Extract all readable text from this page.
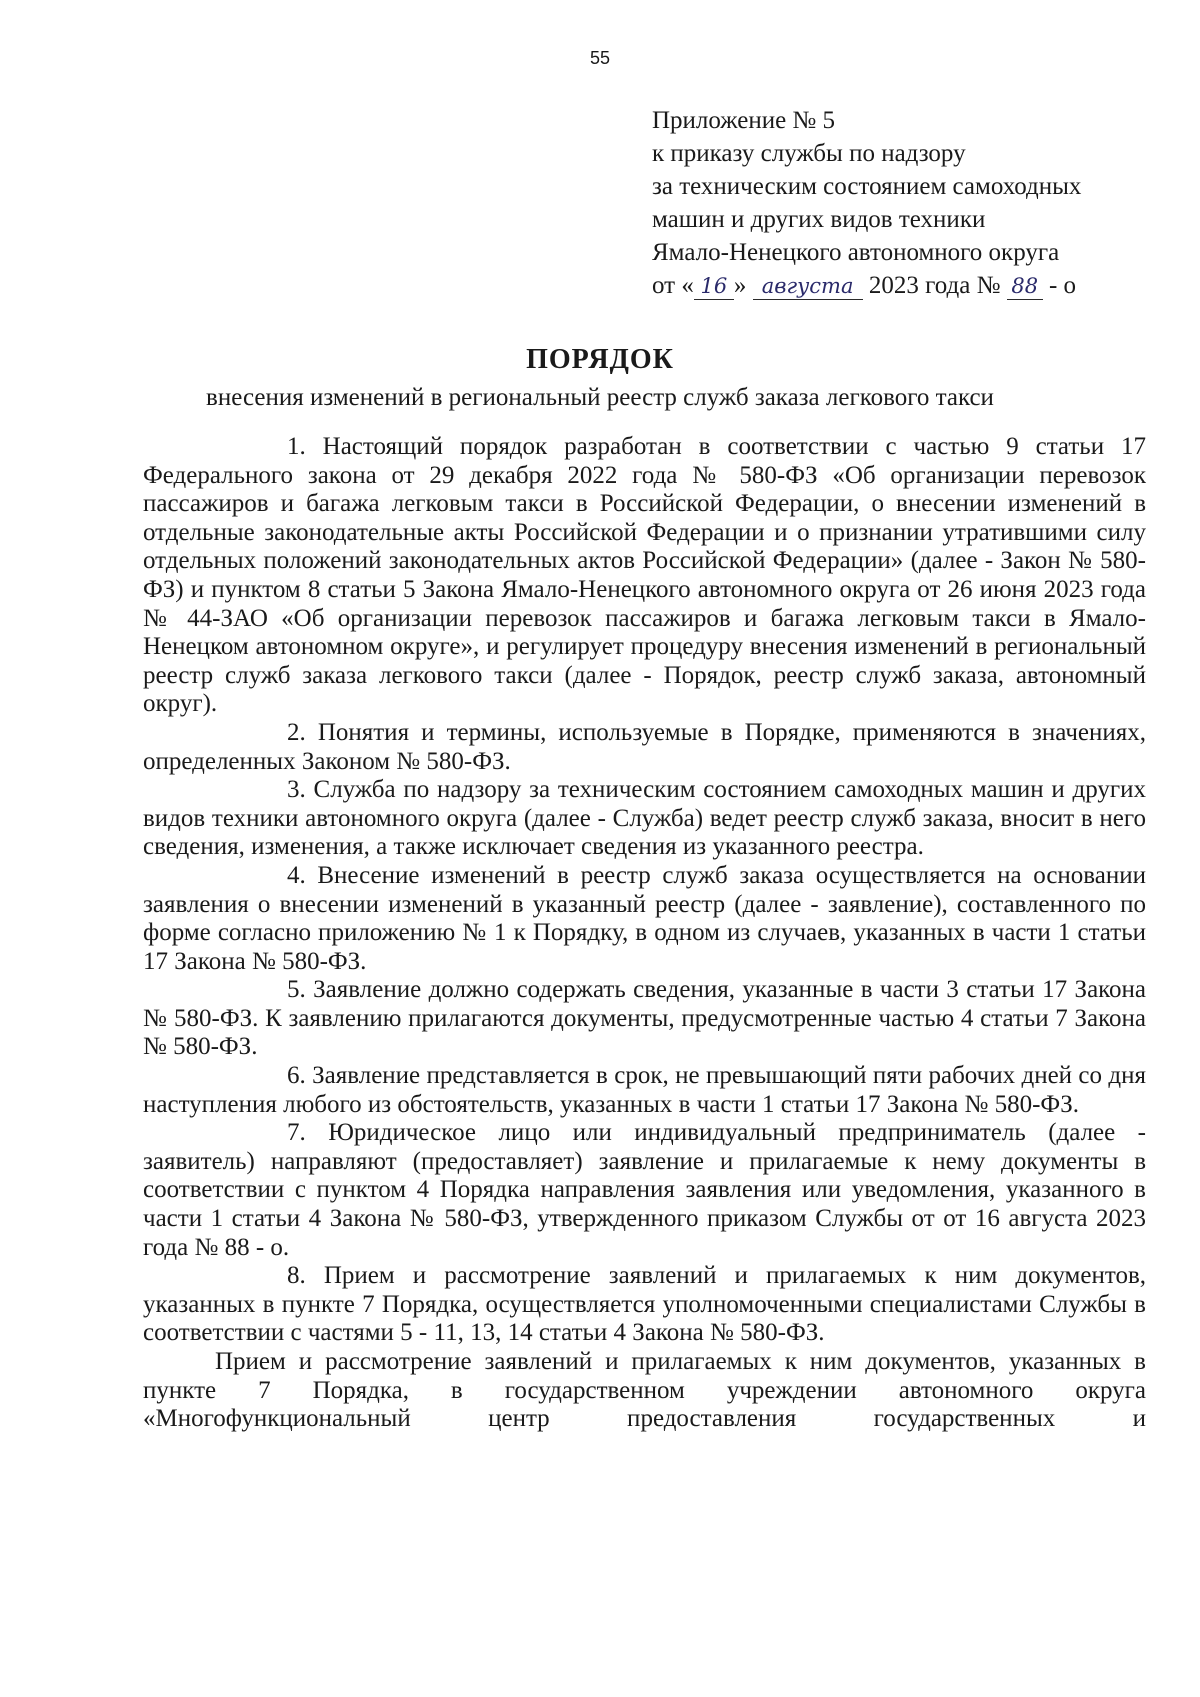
55
Приложение № 5
к приказу службы по надзору
за техническим состоянием самоходных
машин и других видов техники
Ямало-Ненецкого автономного округа
от « 16 » августа 2023 года № 88 - о
ПОРЯДОК
внесения изменений в региональный реестр служб заказа легкового такси

1. Настоящий порядок разработан в соответствии с частью 9 статьи 17 Федерального закона от 29 декабря 2022 года № 580-ФЗ «Об организации перевозок пассажиров и багажа легковым такси в Российской Федерации, о внесении изменений в отдельные законодательные акты Российской Федерации и о признании утратившими силу отдельных положений законодательных актов Российской Федерации» (далее - Закон № 580-ФЗ) и пунктом 8 статьи 5 Закона Ямало-Ненецкого автономного округа от 26 июня 2023 года № 44-ЗАО «Об организации перевозок пассажиров и багажа легковым такси в Ямало-Ненецком автономном округе», и регулирует процедуру внесения изменений в региональный реестр служб заказа легкового такси (далее - Порядок, реестр служб заказа, автономный округ).

2. Понятия и термины, используемые в Порядке, применяются в значениях, определенных Законом № 580-ФЗ.

3. Служба по надзору за техническим состоянием самоходных машин и других видов техники автономного округа (далее - Служба) ведет реестр служб заказа, вносит в него сведения, изменения, а также исключает сведения из указанного реестра.

4. Внесение изменений в реестр служб заказа осуществляется на основании заявления о внесении изменений в указанный реестр (далее - заявление), составленного по форме согласно приложению № 1 к Порядку, в одном из случаев, указанных в части 1 статьи 17 Закона № 580-ФЗ.

5. Заявление должно содержать сведения, указанные в части 3 статьи 17 Закона № 580-ФЗ. К заявлению прилагаются документы, предусмотренные частью 4 статьи 7 Закона № 580-ФЗ.

6. Заявление представляется в срок, не превышающий пяти рабочих дней со дня наступления любого из обстоятельств, указанных в части 1 статьи 17 Закона № 580-ФЗ.

7. Юридическое лицо или индивидуальный предприниматель (далее - заявитель) направляют (предоставляет) заявление и прилагаемые к нему документы в соответствии с пунктом 4 Порядка направления заявления или уведомления, указанного в части 1 статьи 4 Закона № 580-ФЗ, утвержденного приказом Службы от от 16 августа 2023 года № 88 - о.

8. Прием и рассмотрение заявлений и прилагаемых к ним документов, указанных в пункте 7 Порядка, осуществляется уполномоченными специалистами Службы в соответствии с частями 5 - 11, 13, 14 статьи 4 Закона № 580-ФЗ.

Прием и рассмотрение заявлений и прилагаемых к ним документов, указанных в пункте 7 Порядка, в государственном учреждении автономного округа «Многофункциональный центр предоставления государственных и
